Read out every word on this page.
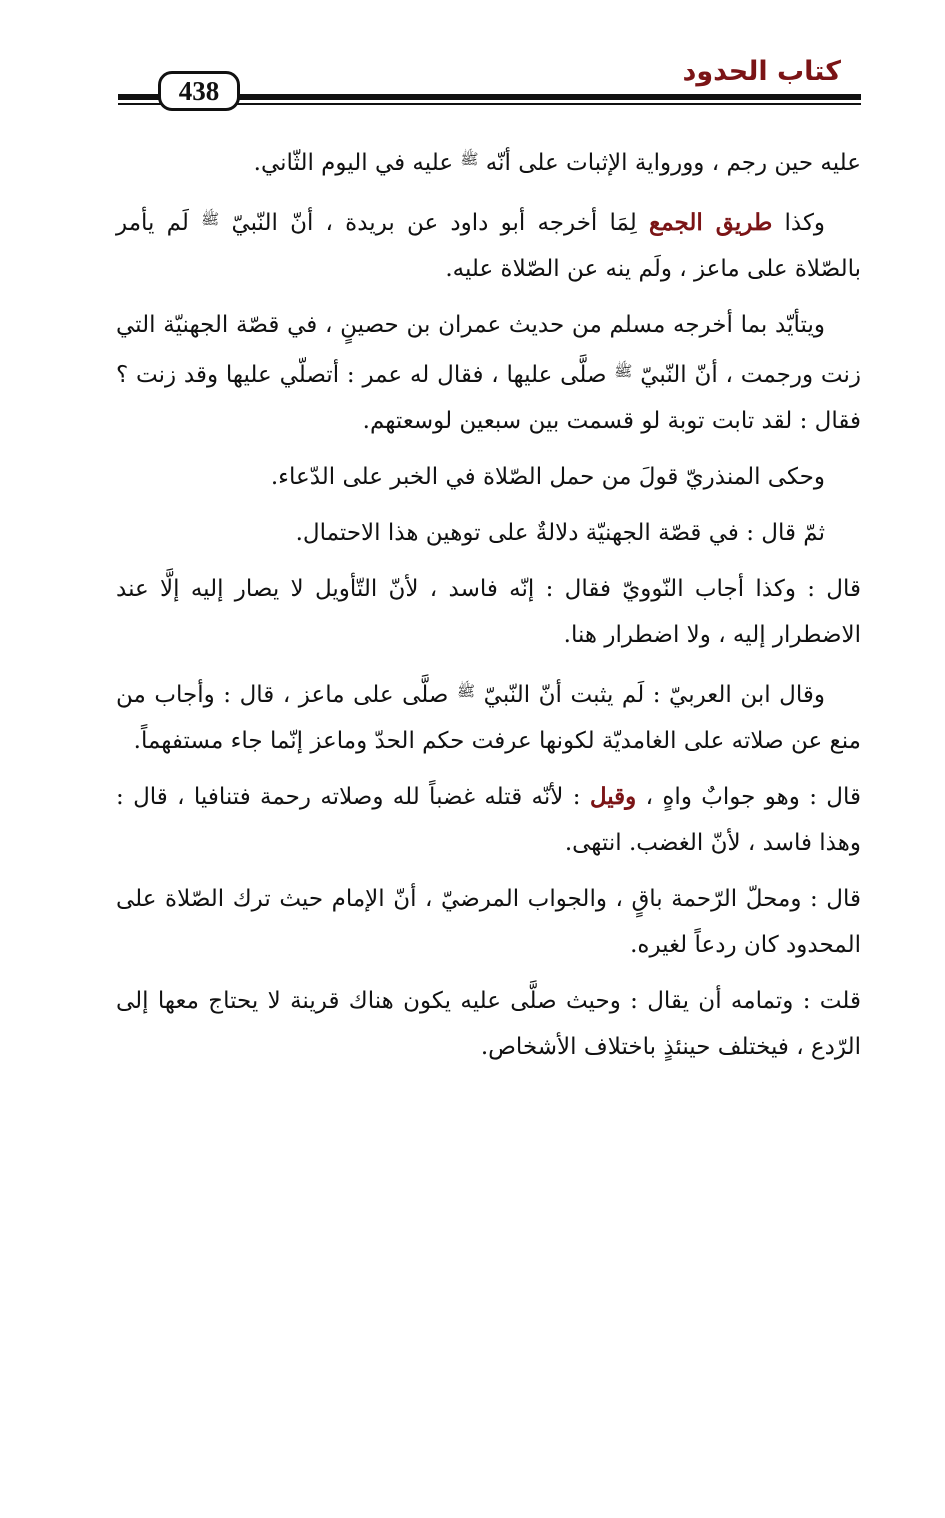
كتاب الحدود
438

عليه حين رجم ، وورواية الإثبات على أنّه $^ﷺ$ عليه في اليوم الثّاني.

وكذا طريق الجمع لِمَا أخرجه أبو داود عن بريدة ، أنّ النّبيّ $^ﷺ$ لَم يأمر بالصّلاة على ماعز ، ولَم ينه عن الصّلاة عليه.

ويتأيّد بما أخرجه مسلم من حديث عمران بن حصينٍ ، في قصّة الجهنيّة التي زنت ورجمت ، أنّ النّبيّ $^ﷺ$ صلَّى عليها ، فقال له عمر : أتصلّي عليها وقد زنت ؟ فقال : لقد تابت توبة لو قسمت بين سبعين لوسعتهم.

وحكى المنذريّ قولَ من حمل الصّلاة في الخبر على الدّعاء.

ثمّ قال : في قصّة الجهنيّة دلالةٌ على توهين هذا الاحتمال.

قال : وكذا أجاب النّوويّ فقال : إنّه فاسد ، لأنّ التّأويل لا يصار إليه إلَّا عند الاضطرار إليه ، ولا اضطرار هنا.

وقال ابن العربيّ : لَم يثبت أنّ النّبيّ $^ﷺ$ صلَّى على ماعز ، قال : وأجاب من منع عن صلاته على الغامديّة لكونها عرفت حكم الحدّ وماعز إنّما جاء مستفهماً.

قال : وهو جوابٌ واهٍ ، وقيل : لأنّه قتله غضباً لله وصلاته رحمة فتنافيا ، قال : وهذا فاسد ، لأنّ الغضب. انتهى.

قال : ومحلّ الرّحمة باقٍ ، والجواب المرضيّ ، أنّ الإمام حيث ترك الصّلاة على المحدود كان ردعاً لغيره.

قلت : وتمامه أن يقال : وحيث صلَّى عليه يكون هناك قرينة لا يحتاج معها إلى الرّدع ، فيختلف حينئذٍ باختلاف الأشخاص.
